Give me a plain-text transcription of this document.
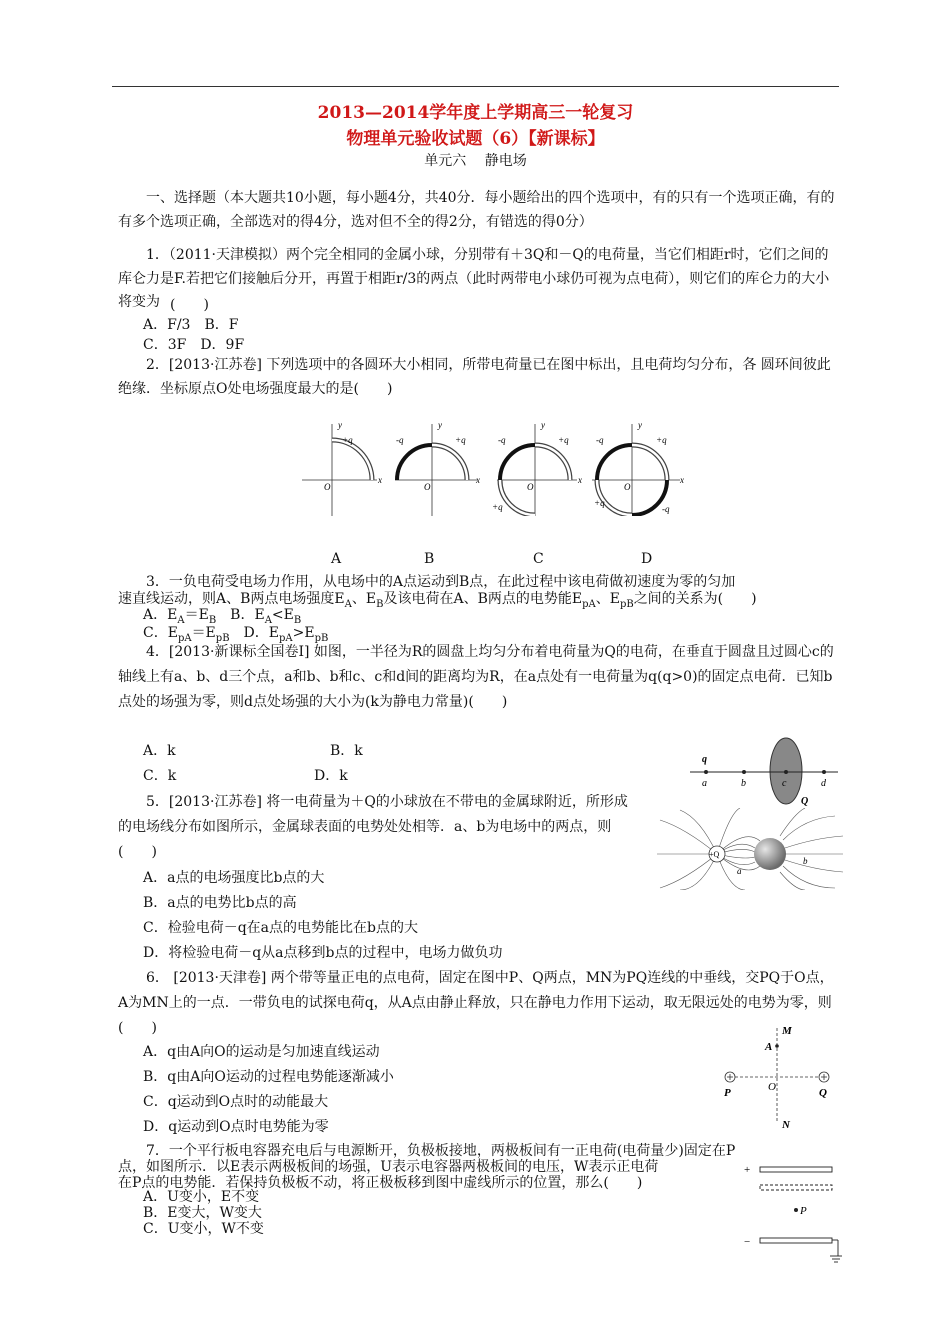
2013—2014学年度上学期高三一轮复习
物理单元验收试题（6）【新课标】
单元六　 静电场
一、选择题（本大题共10小题，每小题4分，共40分．每小题给出的四个选项中，有的只有一个选项正确，有的有多个选项正确，全部选对的得4分，选对但不全的得2分，有错选的得0分）
1．（2011·天津模拟）两个完全相同的金属小球，分别带有＋3Q和－Q的电荷量，当它们相距r时，它们之间的库仑力是F.若把它们接触后分开，再置于相距r/3的两点（此时两带电小球仍可视为点电荷），则它们的库仑力的大小将变为 (　　)
A．F/3　B．F
C．3F　D．9F
2．[2013·江苏卷] 下列选项中的各圆环大小相同，所带电荷量已在图中标出，且电荷均匀分布，各 圆环间彼此绝缘．坐标原点O处电场强度最大的是(　　)
y
+q
O
x
y
-q	+q
O
x
y
-q	+q
+q
O
x
y
-q	+q
+q
-q
O
x
A	B	C	D
3．一负电荷受电场力作用，从电场中的A点运动到B点，在此过程中该电荷做初速度为零的匀加
速直线运动，则A、B两点电场强度$E_A$、$E_B$及该电荷在A、B两点的电势能$E_{pA}$、$E_{pB}$之间的关系为(　　)
A．$E_A=E_B$　B．$E_A<E_B$
C．$E_{pA}=E_{pB}$　D．$E_{pA}>E_{pB}$
4．[2013·新课标全国卷Ⅰ] 如图，一半径为R的圆盘上均匀分布着电荷量为Q的电荷，在垂直于圆盘且过圆心c的轴线上有a、b、d三个点，a和b、b和c、c和d间的距离均为R，在a点处有一电荷量为q(q>0)的固定点电荷．已知b点处的场强为零，则d点处场强的大小为(k为静电力常量)(　　)
A．k	B．k
C．k	D．k
q
a	b	c	d
Q
5．[2013·江苏卷] 将一电荷量为＋Q的小球放在不带电的金属球附近，所形成的电场线分布如图所示，金属球表面的电势处处相等．a、b为电场中的两点，则(　　)
A．a点的电场强度比b点的大
B．a点的电势比b点的高
C．检验电荷－q在a点的电势能比在b点的大
D．将检验电荷－q从a点移到b点的过程中，电场力做负功
+Q
a
b
6． [2013·天津卷] 两个带等量正电的点电荷，固定在图中P、Q两点，MN为PQ连线的中垂线，交PQ于O点，A为MN上的一点．一带负电的试探电荷q，从A点由静止释放，只在静电力作用下运动，取无限远处的电势为零，则(　　)
A．q由A向O的运动是匀加速直线运动
B．q由A向O运动的过程电势能逐渐减小
C．q运动到O点时的动能最大
D．q运动到O点时电势能为零
M
A
O
P	Q
N
7．一个平行板电容器充电后与电源断开，负极板接地，两极板间有一正电荷(电荷量少)固定在P
点，如图所示．以E表示两极板间的场强，U表示电容器两极板间的电压，W表示正电荷
在P点的电势能．若保持负极板不动，将正极板移到图中虚线所示的位置，那么(　　)
A．U变小，E不变
B．E变大，W变大
C．U变小，W不变
+
−
P
